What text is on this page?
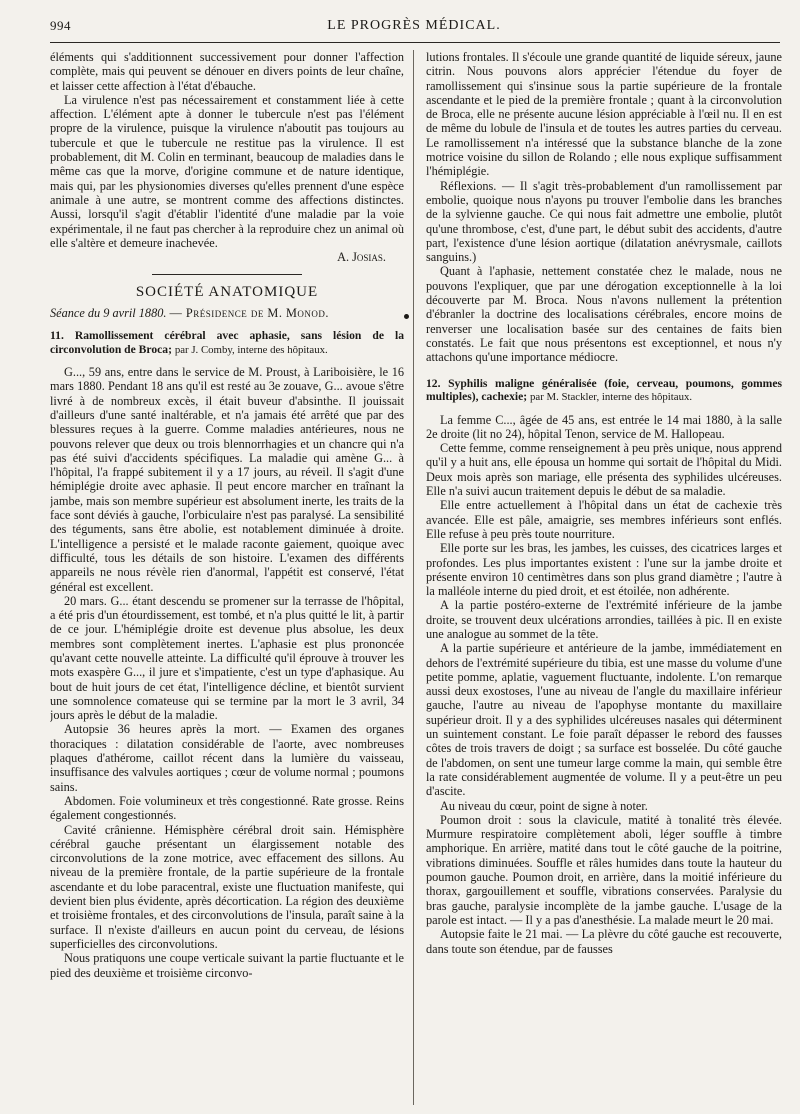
994	LE PROGRÈS MÉDICAL.

éléments qui s'additionnent successivement pour donner l'affection complète, mais qui peuvent se dénouer en divers points de leur chaîne, et laisser cette affection à l'état d'ébauche.

La virulence n'est pas nécessairement et constamment liée à cette affection. L'élément apte à donner le tubercule n'est pas l'élément propre de la virulence, puisque la virulence n'aboutit pas toujours au tubercule et que le tubercule ne restitue pas la virulence. Il est probablement, dit M. Colin en terminant, beaucoup de maladies dans le même cas que la morve, d'origine commune et de nature identique, mais qui, par les physionomies diverses qu'elles prennent d'une espèce animale à une autre, se montrent comme des affections distinctes. Aussi, lorsqu'il s'agit d'établir l'identité d'une maladie par la voie expérimentale, il ne faut pas chercher à la reproduire chez un animal où elle s'altère et demeure inachevée.

A. Josias.
SOCIÉTÉ ANATOMIQUE
Séance du 9 avril 1880. — Présidence de M. Monod.

11. Ramollissement cérébral avec aphasie, sans lésion de la circonvolution de Broca; par J. Comby, interne des hôpitaux.

G..., 59 ans, entre dans le service de M. Proust, à Lariboisière, le 16 mars 1880. Pendant 18 ans qu'il est resté au 3e zouave, G... avoue s'être livré à de nombreux excès, il était buveur d'absinthe. Il jouissait d'ailleurs d'une santé inaltérable, et n'a jamais été arrêté que par des blessures reçues à la guerre. Comme maladies antérieures, nous ne pouvons relever que deux ou trois blennorrhagies et un chancre qui n'a pas été suivi d'accidents spécifiques. La maladie qui amène G... à l'hôpital, l'a frappé subitement il y a 17 jours, au réveil. Il s'agit d'une hémiplégie droite avec aphasie. Il peut encore marcher en traînant la jambe, mais son membre supérieur est absolument inerte, les traits de la face sont déviés à gauche, l'orbiculaire n'est pas paralysé. La sensibilité des téguments, sans être abolie, est notablement diminuée à droite. L'intelligence a persisté et le malade raconte gaiement, quoique avec difficulté, tous les détails de son histoire. L'examen des différents appareils ne nous révèle rien d'anormal, l'appétit est conservé, l'état général est excellent.

20 mars. G... étant descendu se promener sur la terrasse de l'hôpital, a été pris d'un étourdissement, est tombé, et n'a plus quitté le lit, à partir de ce jour. L'hémiplégie droite est devenue plus absolue, les deux membres sont complètement inertes. L'aphasie est plus prononcée qu'avant cette nouvelle atteinte. La difficulté qu'il éprouve à trouver les mots exaspère G..., il jure et s'impatiente, c'est un type d'aphasique. Au bout de huit jours de cet état, l'intelligence décline, et bientôt survient une somnolence comateuse qui se termine par la mort le 3 avril, 34 jours après le début de la maladie.

Autopsie 36 heures après la mort. — Examen des organes thoraciques : dilatation considérable de l'aorte, avec nombreuses plaques d'athérome, caillot récent dans la lumière du vaisseau, insuffisance des valvules aortiques ; cœur de volume normal ; poumons sains.

Abdomen. Foie volumineux et très congestionné. Rate grosse. Reins également congestionnés.

Cavité crânienne. Hémisphère cérébral droit sain. Hémisphère cérébral gauche présentant un élargissement notable des circonvolutions de la zone motrice, avec effacement des sillons. Au niveau de la première frontale, de la partie supérieure de la frontale ascendante et du lobe paracentral, existe une fluctuation manifeste, qui devient bien plus évidente, après décortication. La région des deuxième et troisième frontales, et des circonvolutions de l'insula, paraît saine à la surface. Il n'existe d'ailleurs en aucun point du cerveau, de lésions superficielles des circonvolutions.

Nous pratiquons une coupe verticale suivant la partie fluctuante et le pied des deuxième et troisième circonvo-

lutions frontales. Il s'écoule une grande quantité de liquide séreux, jaune citrin. Nous pouvons alors apprécier l'étendue du foyer de ramollissement qui s'insinue sous la partie supérieure de la frontale ascendante et le pied de la première frontale ; quant à la circonvolution de Broca, elle ne présente aucune lésion appréciable à l'œil nu. Il en est de même du lobule de l'insula et de toutes les autres parties du cerveau. Le ramollissement n'a intéressé que la substance blanche de la zone motrice voisine du sillon de Rolando ; elle nous explique suffisamment l'hémiplégie.

Réflexions. — Il s'agit très-probablement d'un ramollissement par embolie, quoique nous n'ayons pu trouver l'embolie dans les branches de la sylvienne gauche. Ce qui nous fait admettre une embolie, plutôt qu'une thrombose, c'est, d'une part, le début subit des accidents, d'autre part, l'existence d'une lésion aortique (dilatation anévrysmale, caillots sanguins.)

Quant à l'aphasie, nettement constatée chez le malade, nous ne pouvons l'expliquer, que par une dérogation exceptionnelle à la loi découverte par M. Broca. Nous n'avons nullement la prétention d'ébranler la doctrine des localisations cérébrales, encore moins de renverser une localisation basée sur des centaines de faits bien constatés. Le fait que nous présentons est exceptionnel, et nous n'y attachons qu'une importance médiocre.

12. Syphilis maligne généralisée (foie, cerveau, poumons, gommes multiples), cachexie; par M. Stackler, interne des hôpitaux.

La femme C..., âgée de 45 ans, est entrée le 14 mai 1880, à la salle 2e droite (lit no 24), hôpital Tenon, service de M. Hallopeau.

Cette femme, comme renseignement à peu près unique, nous apprend qu'il y a huit ans, elle épousa un homme qui sortait de l'hôpital du Midi. Deux mois après son mariage, elle présenta des syphilides ulcéreuses. Elle n'a suivi aucun traitement depuis le début de sa maladie.

Elle entre actuellement à l'hôpital dans un état de cachexie très avancée. Elle est pâle, amaigrie, ses membres inférieurs sont enflés. Elle refuse à peu près toute nourriture.

Elle porte sur les bras, les jambes, les cuisses, des cicatrices larges et profondes. Les plus importantes existent : l'une sur la jambe droite et présente environ 10 centimètres dans son plus grand diamètre ; l'autre à la malléole interne du pied droit, et est étoilée, non adhérente.

A la partie postéro-externe de l'extrémité inférieure de la jambe droite, se trouvent deux ulcérations arrondies, taillées à pic. Il en existe une analogue au sommet de la tête.

A la partie supérieure et antérieure de la jambe, immédiatement en dehors de l'extrémité supérieure du tibia, est une masse du volume d'une petite pomme, aplatie, vaguement fluctuante, indolente. L'on remarque aussi deux exostoses, l'une au niveau de l'angle du maxillaire inférieur gauche, l'autre au niveau de l'apophyse montante du maxillaire supérieur droit. Il y a des syphilides ulcéreuses nasales qui déterminent un suintement constant. Le foie paraît dépasser le rebord des fausses côtes de trois travers de doigt ; sa surface est bosselée. Du côté gauche de l'abdomen, on sent une tumeur large comme la main, qui semble être la rate considérablement augmentée de volume. Il y a peut-être un peu d'ascite.

Au niveau du cœur, point de signe à noter.

Poumon droit : sous la clavicule, matité à tonalité très élevée. Murmure respiratoire complètement aboli, léger souffle à timbre amphorique. En arrière, matité dans tout le côté gauche de la poitrine, vibrations diminuées. Souffle et râles humides dans toute la hauteur du poumon gauche. Poumon droit, en arrière, dans la moitié inférieure du thorax, gargouillement et souffle, vibrations conservées. Paralysie du bras gauche, paralysie incomplète de la jambe gauche. L'usage de la parole est intact. — Il y a pas d'anesthésie. La malade meurt le 20 mai.

Autopsie faite le 21 mai. — La plèvre du côté gauche est recouverte, dans toute son étendue, par de fausses
